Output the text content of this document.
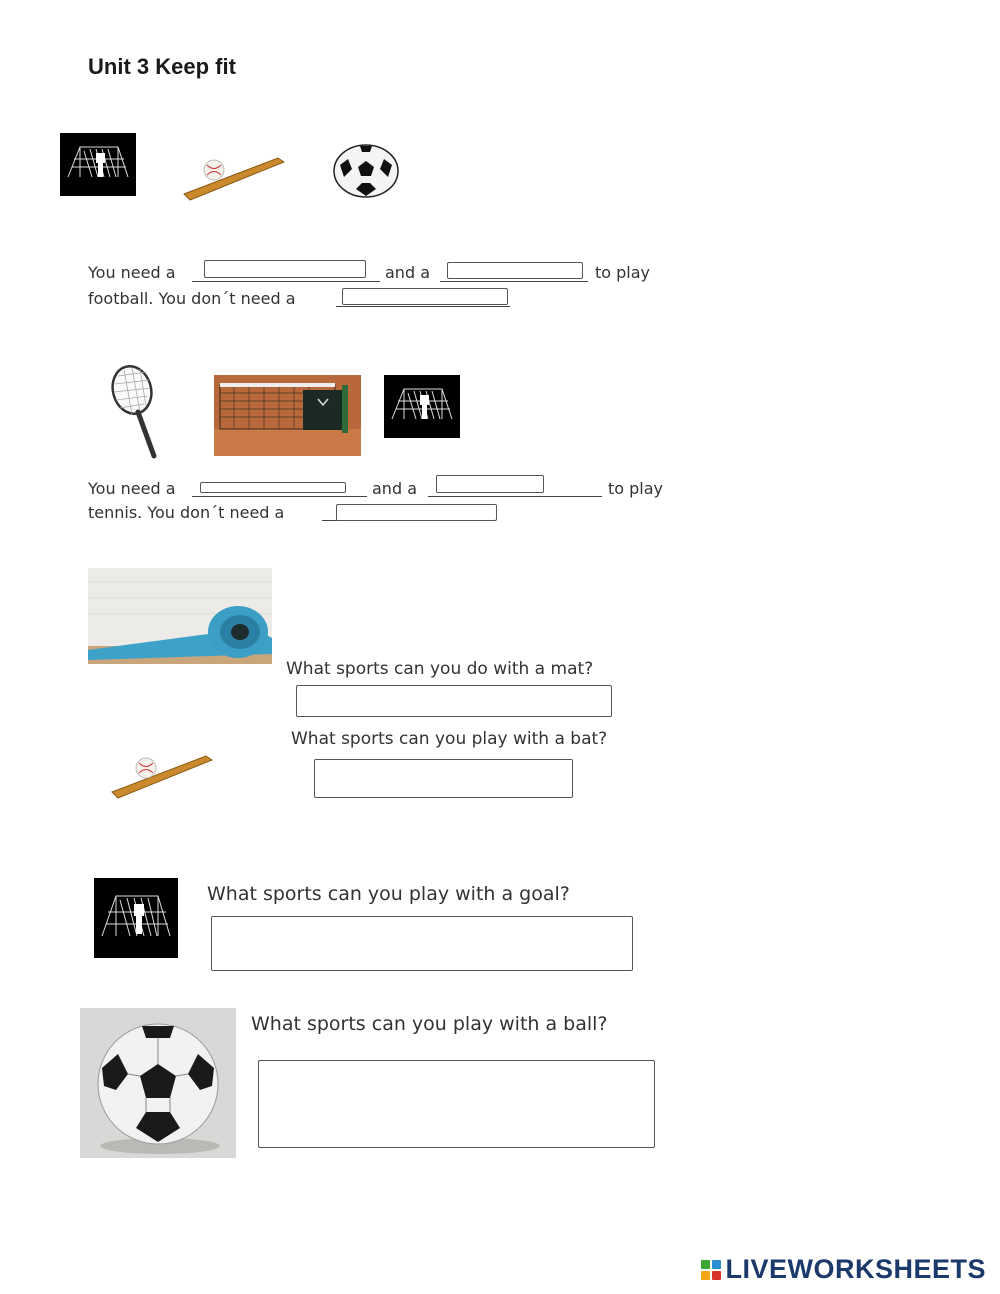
Unit 3 Keep fit
You need a	and a	to play
football. You don´t need a
You need a	and a	to play
tennis. You don´t need a
What sports can you do with a mat?
What sports can you play with a bat?
What sports can you play with a goal?
What sports can you play with a ball?
LIVEWORKSHEETS
